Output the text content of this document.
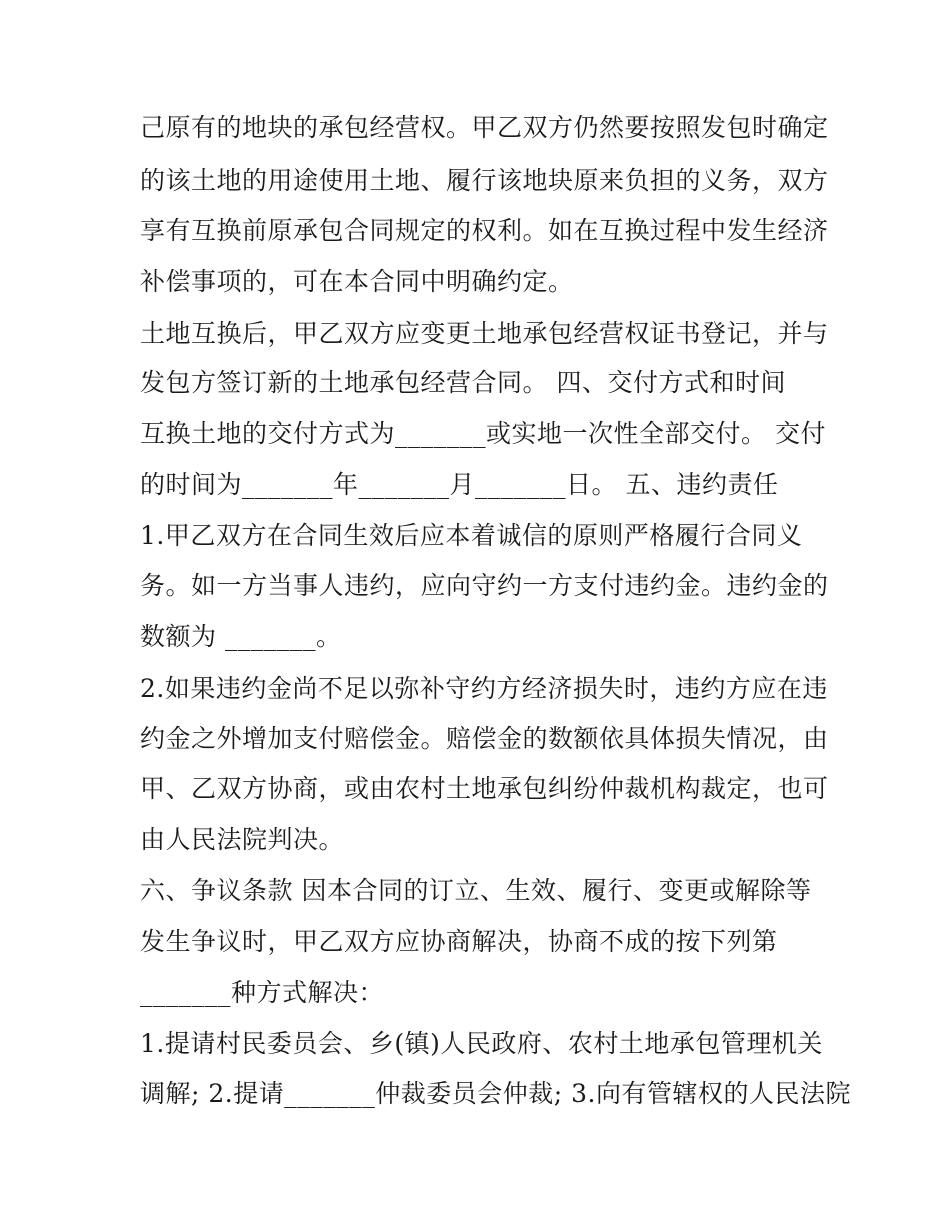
己原有的地块的承包经营权。甲乙双方仍然要按照发包时确定
的该土地的用途使用土地、履行该地块原来负担的义务，双方
享有互换前原承包合同规定的权利。如在互换过程中发生经济
补偿事项的，可在本合同中明确约定。
土地互换后，甲乙双方应变更土地承包经营权证书登记，并与
发包方签订新的土地承包经营合同。 四、交付方式和时间
互换土地的交付方式为_______或实地一次性全部交付。 交付
的时间为_______年_______月_______日。 五、违约责任
1.甲乙双方在合同生效后应本着诚信的原则严格履行合同义
务。如一方当事人违约，应向守约一方支付违约金。违约金的
数额为 _______。
2.如果违约金尚不足以弥补守约方经济损失时，违约方应在违
约金之外增加支付赔偿金。赔偿金的数额依具体损失情况，由
甲、乙双方协商，或由农村土地承包纠纷仲裁机构裁定，也可
由人民法院判决。
六、争议条款 因本合同的订立、生效、履行、变更或解除等
发生争议时，甲乙双方应协商解决，协商不成的按下列第
_______种方式解决：
1.提请村民委员会、乡(镇)人民政府、农村土地承包管理机关
调解; 2.提请_______仲裁委员会仲裁; 3.向有管辖权的人民法院
